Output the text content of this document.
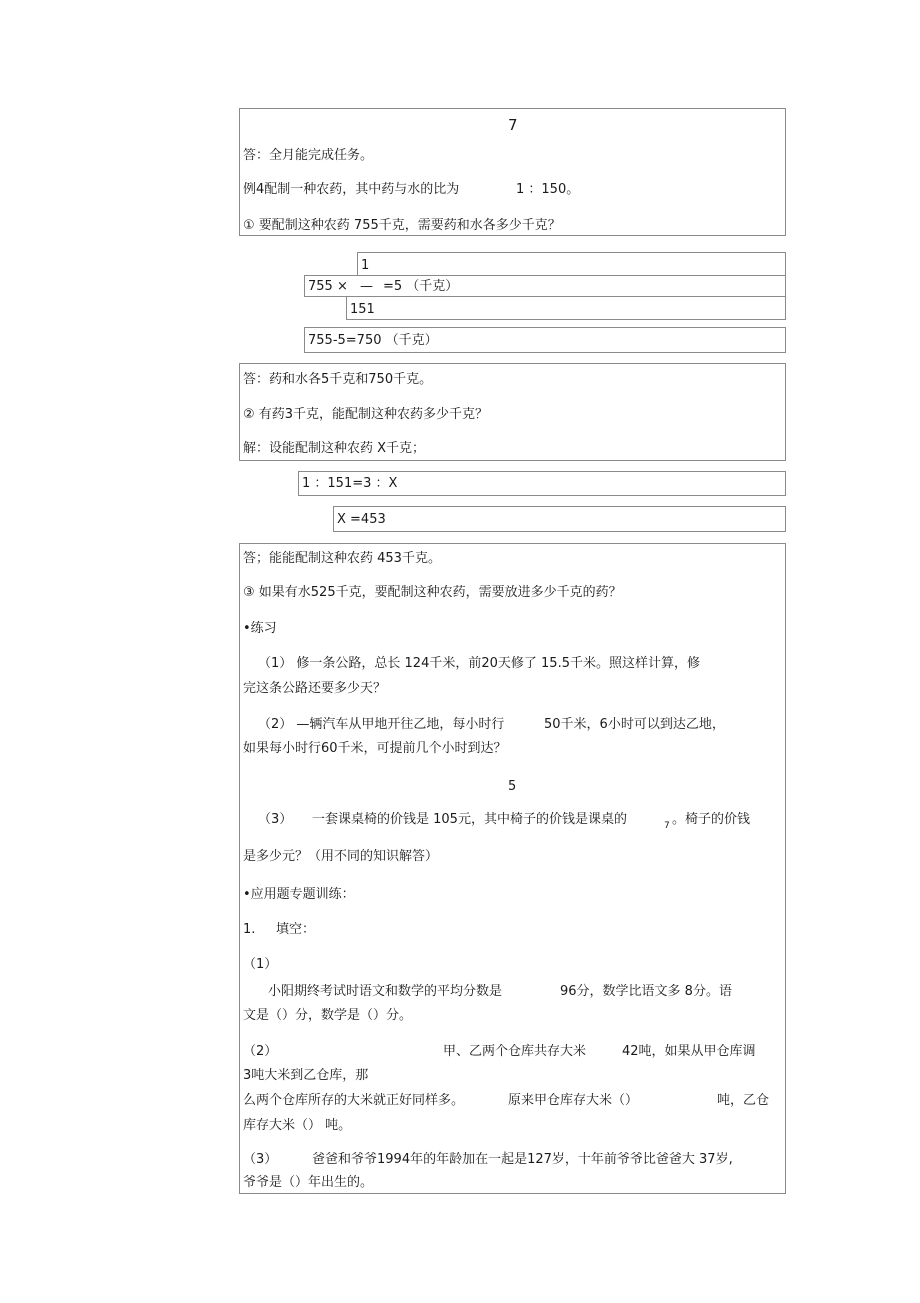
7
答：全月能完成任务。
例4配制一种农药，其中药与水的比为	1 ：150。
① 要配制这种农药 755千克，需要药和水各多少千克？
1
755 × — =5 （千克）
151
755-5=750 （千克）
答：药和水各5千克和750千克。
② 有药3千克，能配制这种农药多少千克？
解：设能配制这种农药 X千克；
1 ：151=3 ：X
X =453
答；能能配制这种农药 453千克。
③ 如果有水525千克，要配制这种农药，需要放进多少千克的药？
•练习
（1） 修一条公路，总长 124千米，前20天修了 15.5千米。照这样计算，修
完这条公路还要多少天？
（2） —辆汽车从甲地开往乙地，每小时行	50千米，6小时可以到达乙地，
如果每小时行60千米，可提前几个小时到达？
5
（3） 一套课桌椅的价钱是 105元，其中椅子的价钱是课桌的	7 。椅子的价钱
是多少元？（用不同的知识解答）
•应用题专题训练：
1. 填空：
（1）
小阳期终考试时语文和数学的平均分数是	96分，数学比语文多 8分。语
文是（）分，数学是（）分。
（2）	甲、乙两个仓库共存大米	42吨，如果从甲仓库调
3吨大米到乙仓库，那
么两个仓库所存的大米就正好同样多。	原来甲仓库存大米（）	吨，乙仓
库存大米（） 吨。
（3）	爸爸和爷爷1994年的年龄加在一起是127岁，十年前爷爷比爸爸大 37岁,
爷爷是（）年出生的。
